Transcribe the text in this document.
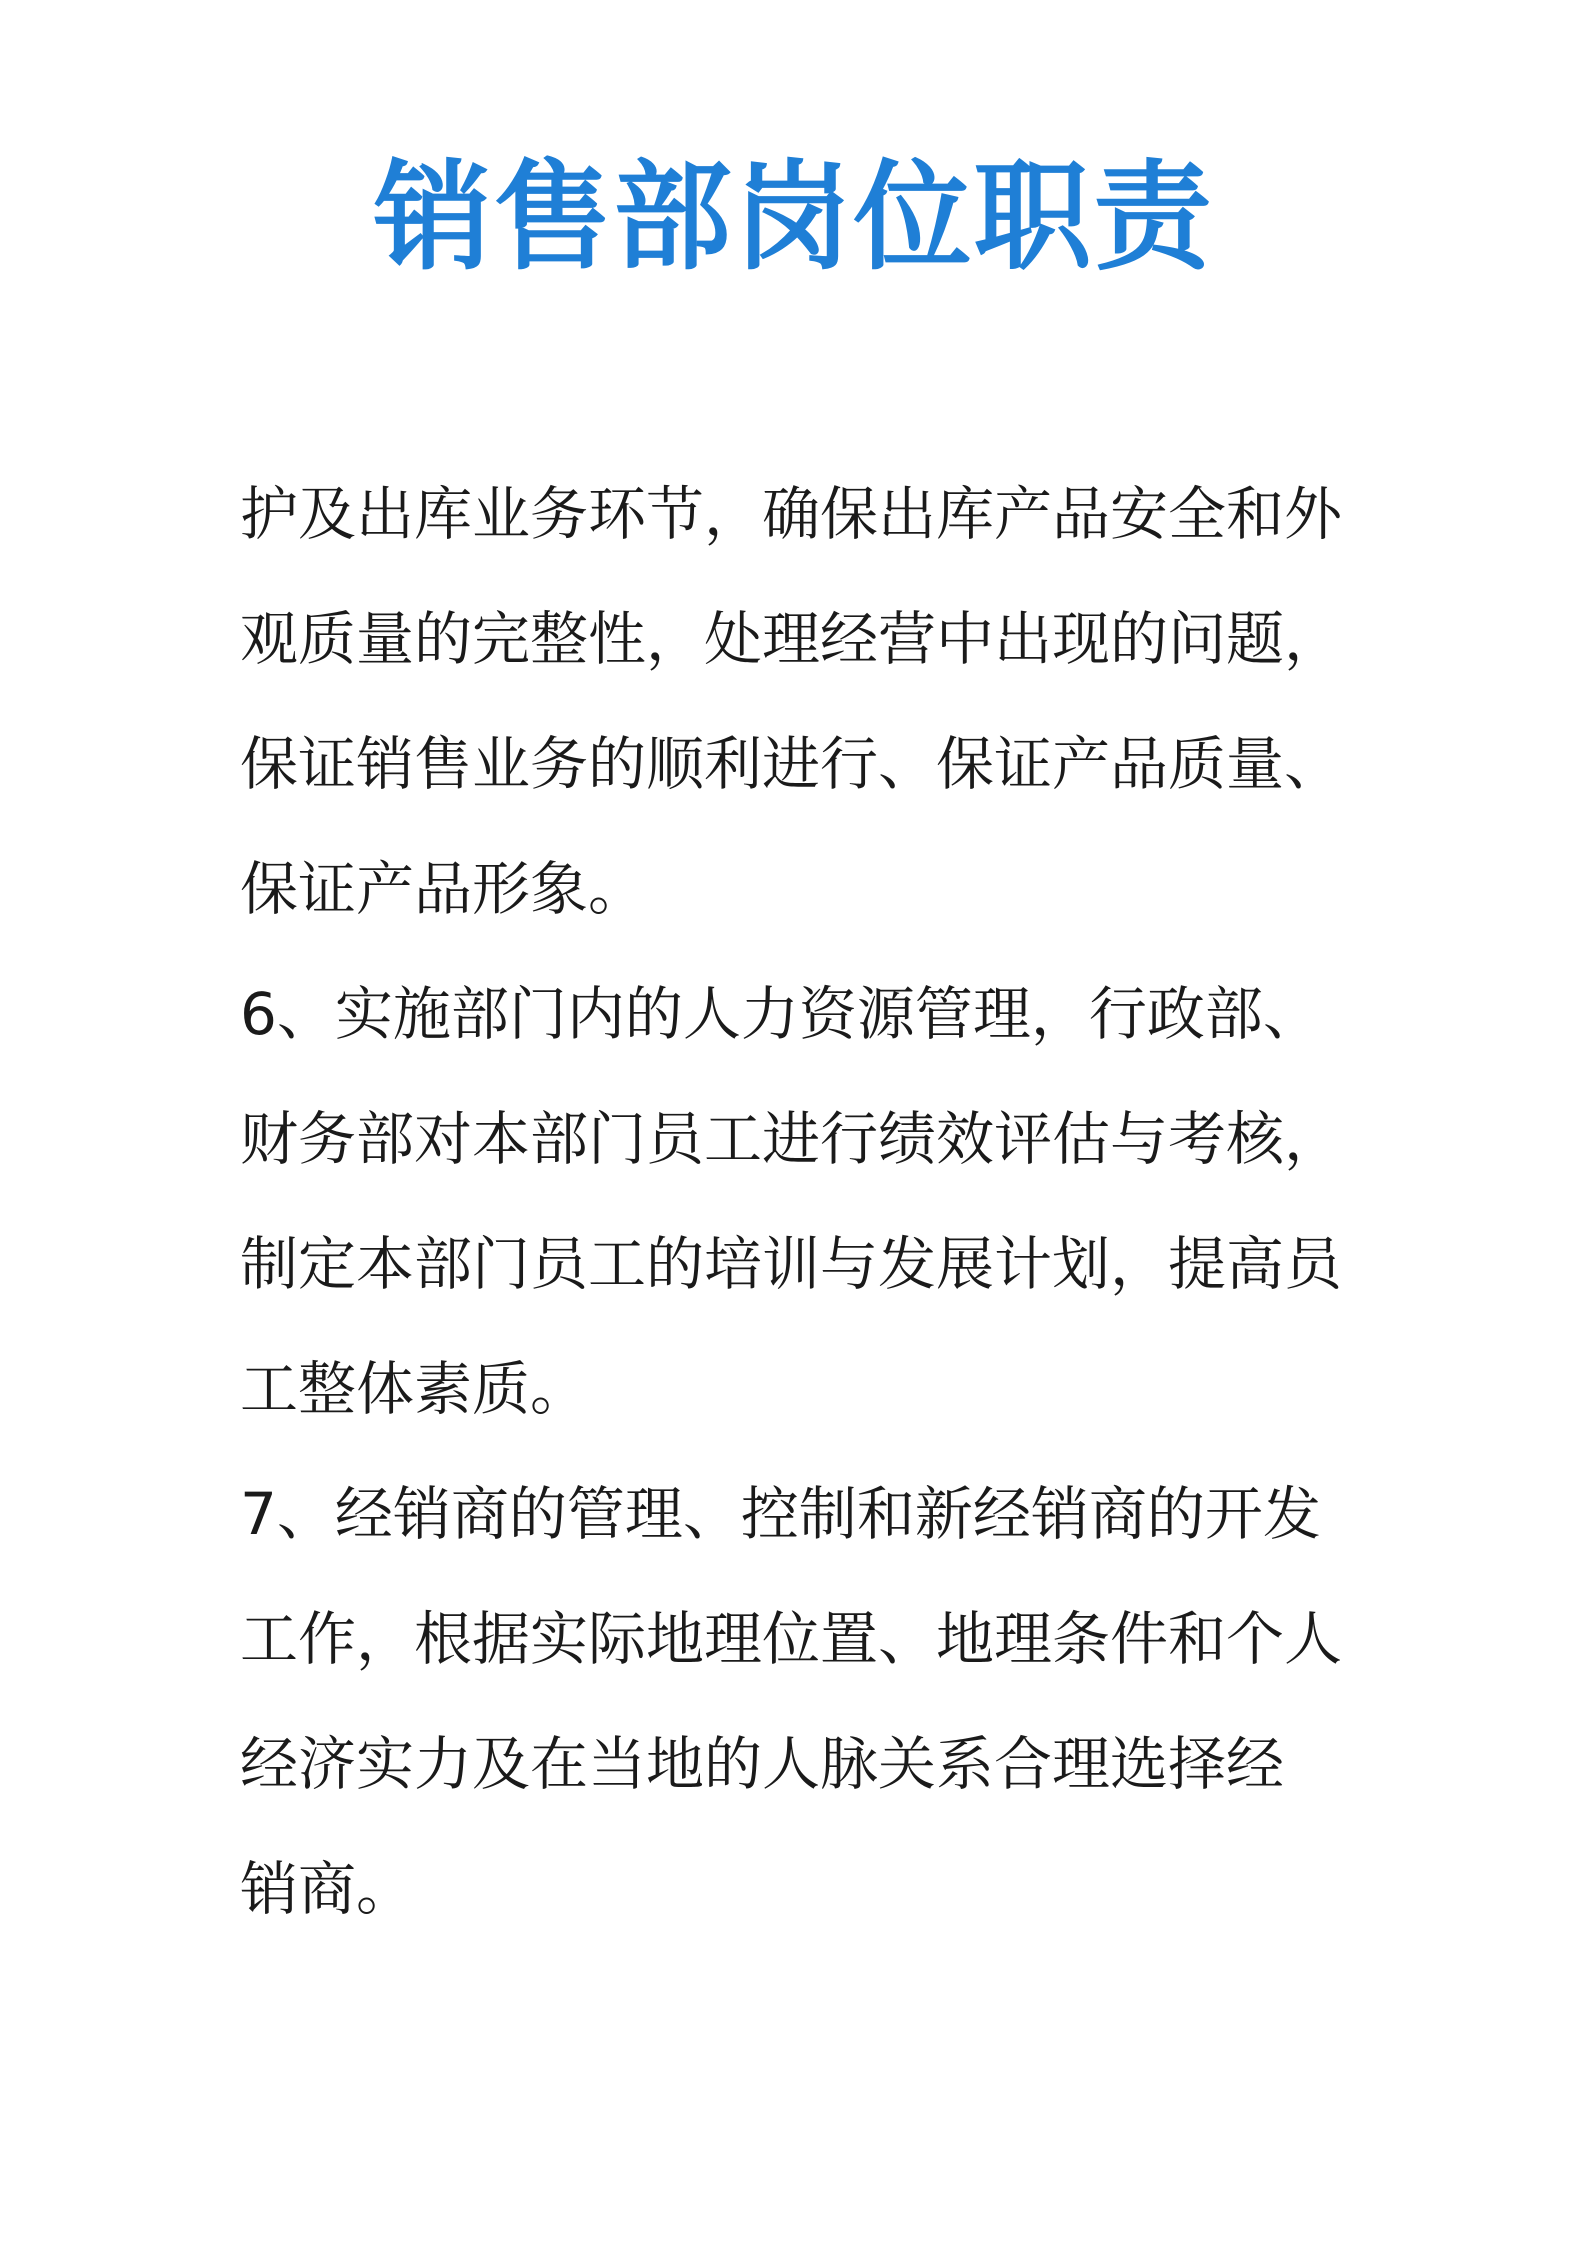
销售部岗位职责
护及出库业务环节，确保出库产品安全和外
观质量的完整性，处理经营中出现的问题，
保证销售业务的顺利进行、保证产品质量、
保证产品形象。
6、实施部门内的人力资源管理，行政部、
财务部对本部门员工进行绩效评估与考核，
制定本部门员工的培训与发展计划，提高员
工整体素质。
7、经销商的管理、控制和新经销商的开发
工作，根据实际地理位置、地理条件和个人
经济实力及在当地的人脉关系合理选择经
销商。
